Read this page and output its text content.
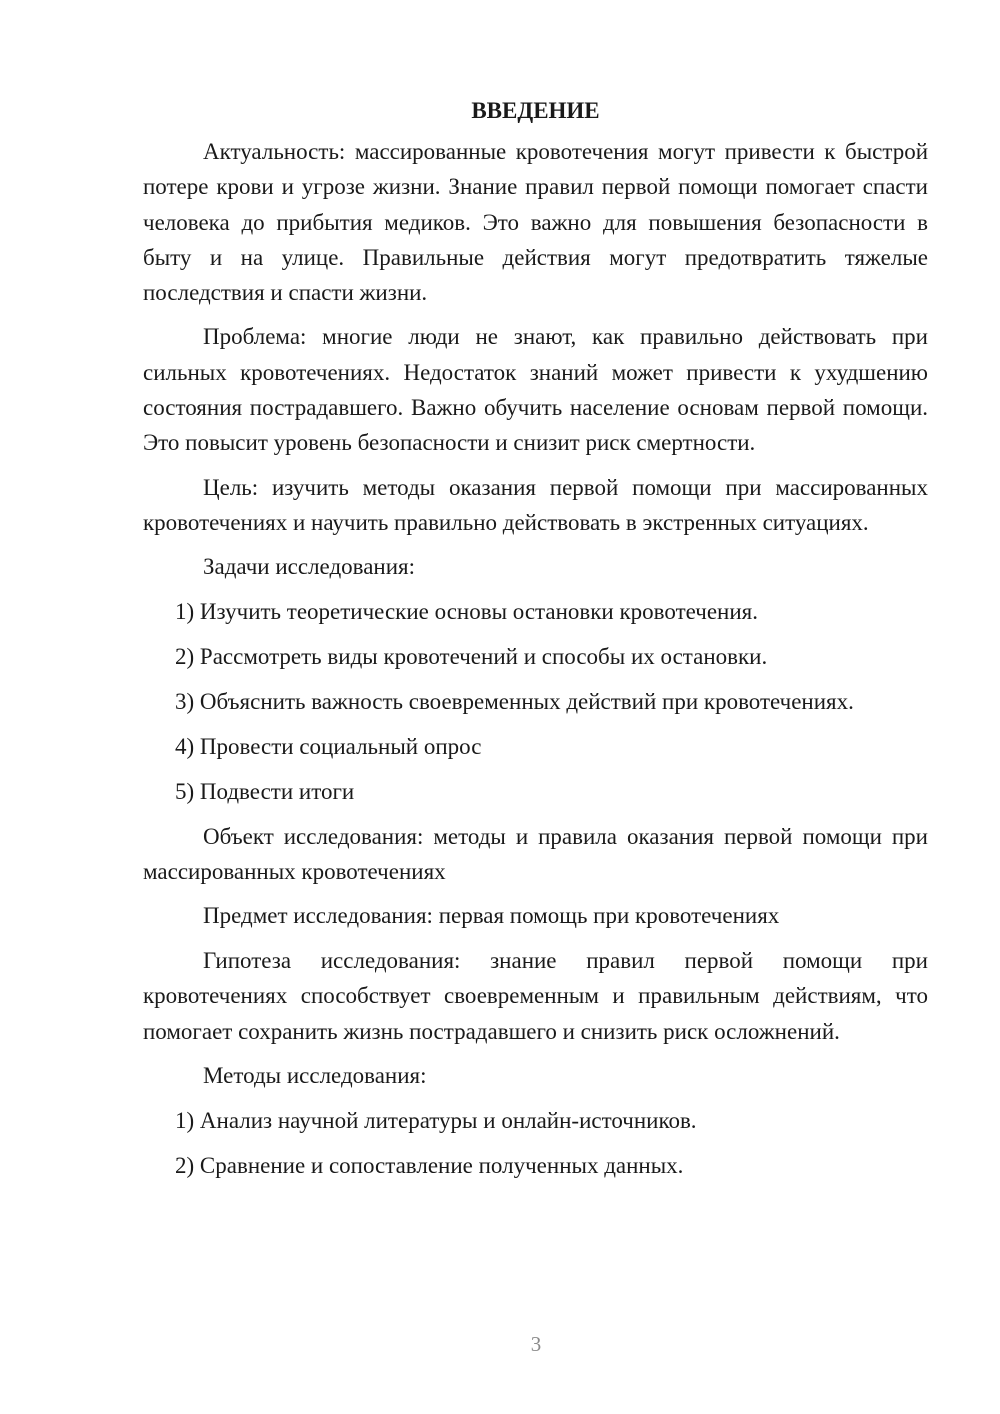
ВВЕДЕНИЕ

Актуальность: массированные кровотечения могут привести к быстрой потере крови и угрозе жизни. Знание правил первой помощи помогает спасти человека до прибытия медиков. Это важно для повышения безопасности в быту и на улице. Правильные действия могут предотвратить тяжелые последствия и спасти жизни.

Проблема: многие люди не знают, как правильно действовать при сильных кровотечениях. Недостаток знаний может привести к ухудшению состояния пострадавшего. Важно обучить население основам первой помощи. Это повысит уровень безопасности и снизит риск смертности.

Цель: изучить методы оказания первой помощи при массированных кровотечениях и научить правильно действовать в экстренных ситуациях.

Задачи исследования:
1) Изучить теоретические основы остановки кровотечения.
2) Рассмотреть виды кровотечений и способы их остановки.
3) Объяснить важность своевременных действий при кровотечениях.
4) Провести социальный опрос
5) Подвести итоги

Объект исследования: методы и правила оказания первой помощи при массированных кровотечениях

Предмет исследования: первая помощь при кровотечениях

Гипотеза исследования: знание правил первой помощи при кровотечениях способствует своевременным и правильным действиям, что помогает сохранить жизнь пострадавшего и снизить риск осложнений.

Методы исследования:
1) Анализ научной литературы и онлайн-источников.
2) Сравнение и сопоставление полученных данных.
3
